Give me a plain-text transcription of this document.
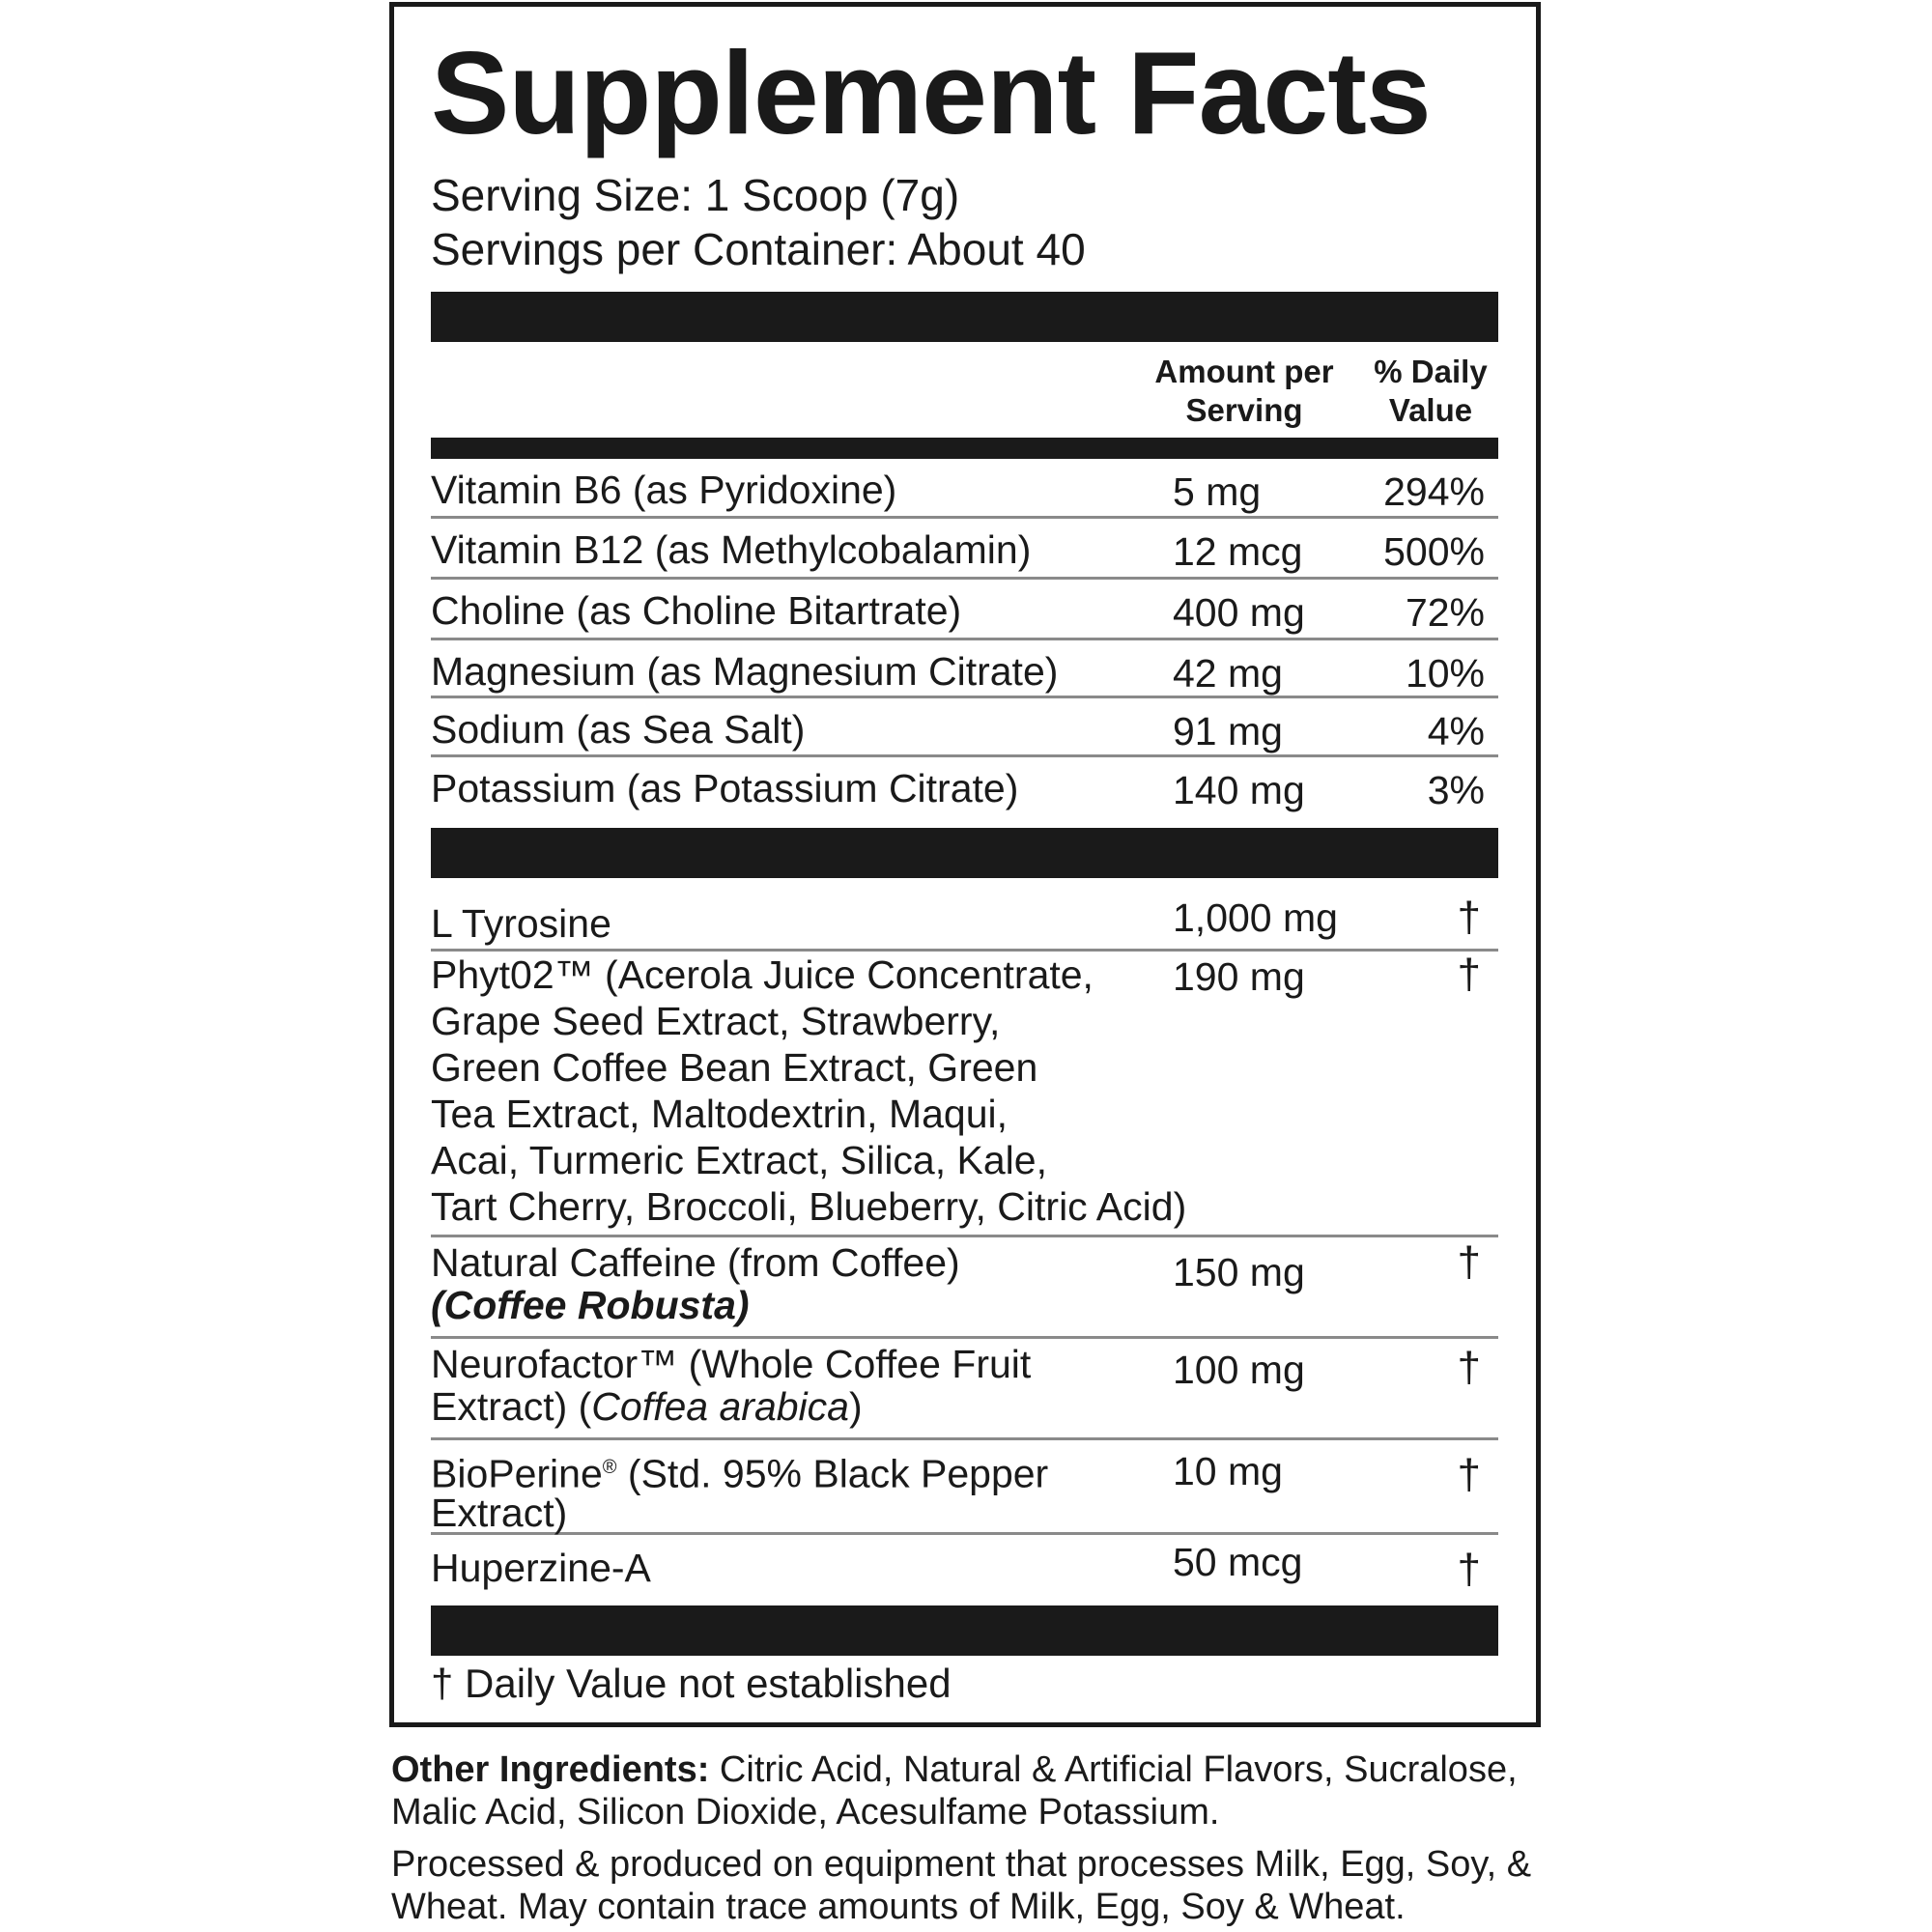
Supplement Facts
Serving Size: 1 Scoop (7g)
Servings per Container: About 40
Amount per
Serving
% Daily
Value
Vitamin B6 (as Pyridoxine)	5 mg	294%
Vitamin B12 (as Methylcobalamin)	12 mcg 500%
Choline (as Choline Bitartrate)	400 mg	72%
Magnesium (as Magnesium Citrate)	42 mg	10%
Sodium (as Sea Salt)	91 mg	4%
Potassium (as Potassium Citrate)	140 mg	3%
L Tyrosine	1,000 mg	†
Phyt02™ (Acerola Juice Concentrate,
Grape Seed Extract, Strawberry,
Green Coffee Bean Extract, Green
Tea Extract, Maltodextrin, Maqui,
Acai, Turmeric Extract, Silica, Kale,
Tart Cherry, Broccoli, Blueberry, Citric Acid)
190 mg	†
Natural Caffeine (from Coffee)
(Coffee Robusta)
150 mg	†
Neurofactor™ (Whole Coffee Fruit
Extract) (Coffea arabica)
100 mg	†
BioPerine® (Std. 95% Black Pepper
Extract)
10 mg	†
Huperzine-A	50 mcg	†
† Daily Value not established
Other Ingredients: Citric Acid, Natural & Artificial Flavors, Sucralose, Malic Acid, Silicon Dioxide, Acesulfame Potassium.
Processed & produced on equipment that processes Milk, Egg, Soy, & Wheat. May contain trace amounts of Milk, Egg, Soy & Wheat.
